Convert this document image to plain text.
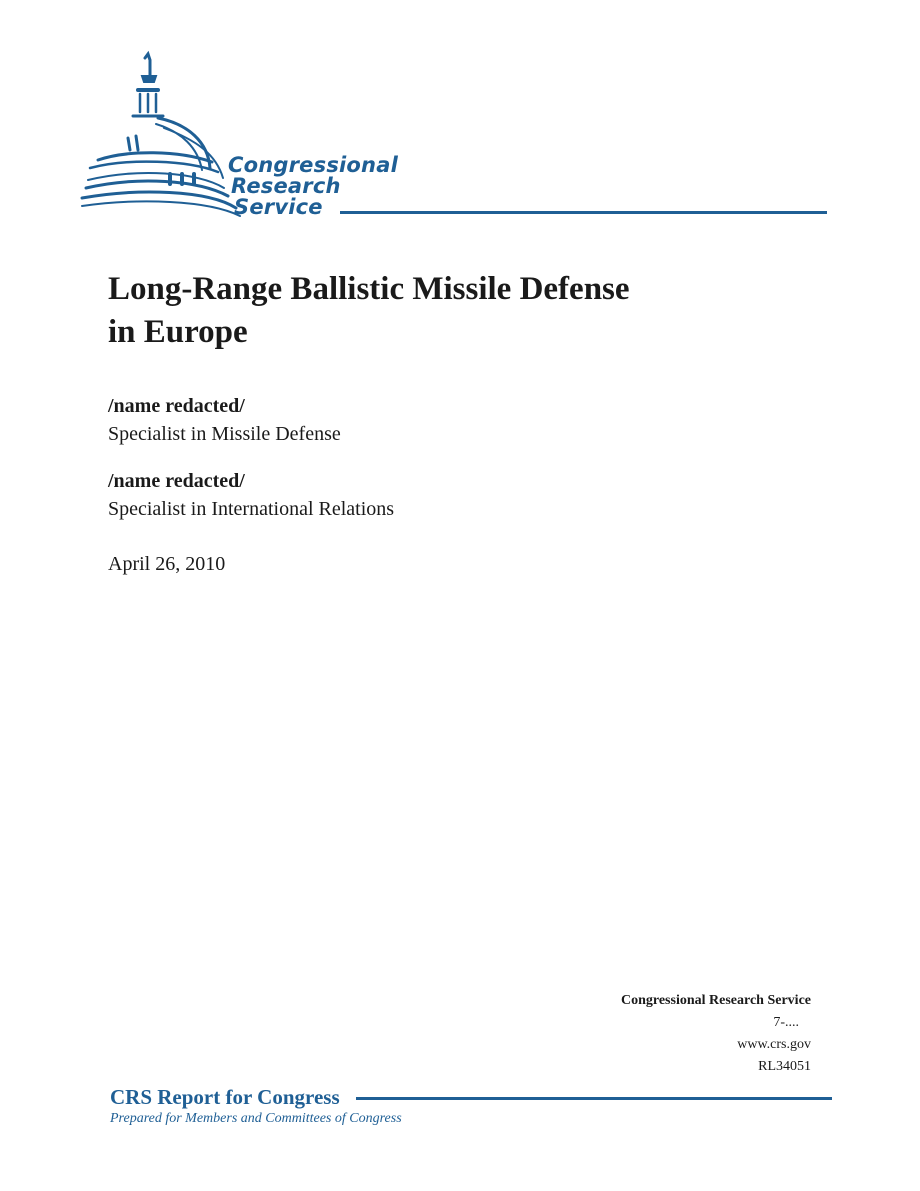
Congressional
Research
Service
Long-Range Ballistic Missile Defense
in Europe
/name redacted/
Specialist in Missile Defense
/name redacted/
Specialist in International Relations
April 26, 2010
Congressional Research Service
7-....
www.crs.gov
RL34051
CRS Report for Congress
Prepared for Members and Committees of Congress
